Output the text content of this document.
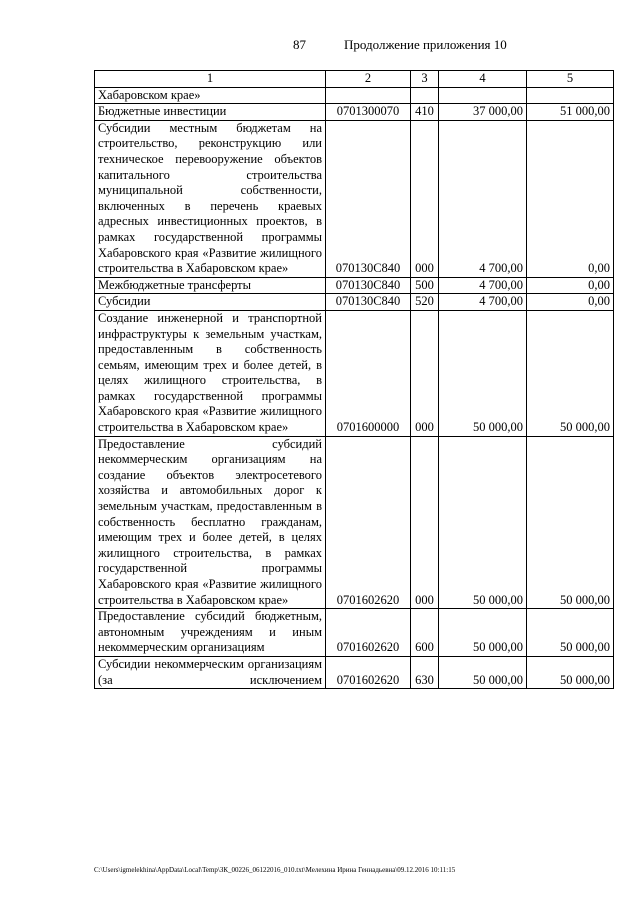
87	Продолжение приложения 10
1	2	3	4	5
Хабаровском крае»				
Бюджетные инвестиции	0701300070	410	37 000,00	51 000,00
Субсидии местным бюджетам на строительство, реконструкцию или техническое перевооружение объектов капитального строительства муниципальной собственности, включенных в перечень краевых адресных инвестиционных проектов, в рамках государственной программы Хабаровского края «Развитие жилищного строительства в Хабаровском крае»	070130С840	000	4 700,00	0,00
Межбюджетные трансферты	070130С840	500	4 700,00	0,00
Субсидии	070130С840	520	4 700,00	0,00
Создание инженерной и транспортной инфраструктуры к земельным участкам, предоставленным в собственность семьям, имеющим трех и более детей, в целях жилищного строительства, в рамках государственной программы Хабаровского края «Развитие жилищного строительства в Хабаровском крае»	0701600000	000	50 000,00	50 000,00
Предоставление субсидий некоммерческим организациям на создание объектов электросетевого хозяйства и автомобильных дорог к земельным участкам, предоставленным в собственность бесплатно гражданам, имеющим трех и более детей, в целях жилищного строительства, в рамках государственной программы Хабаровского края «Развитие жилищного строительства в Хабаровском крае»	0701602620	000	50 000,00	50 000,00
Предоставление субсидий бюджетным, автономным учреждениям и иным некоммерческим организациям	0701602620	600	50 000,00	50 000,00
Субсидии некоммерческим организациям (за исключением	0701602620	630	50 000,00	50 000,00
C:\Users\igmelekhina\AppData\Local\Temp\ЗК_00226_06122016_010.txt\Мелехина Ирина Геннадьевна\09.12.2016 10:11:15
